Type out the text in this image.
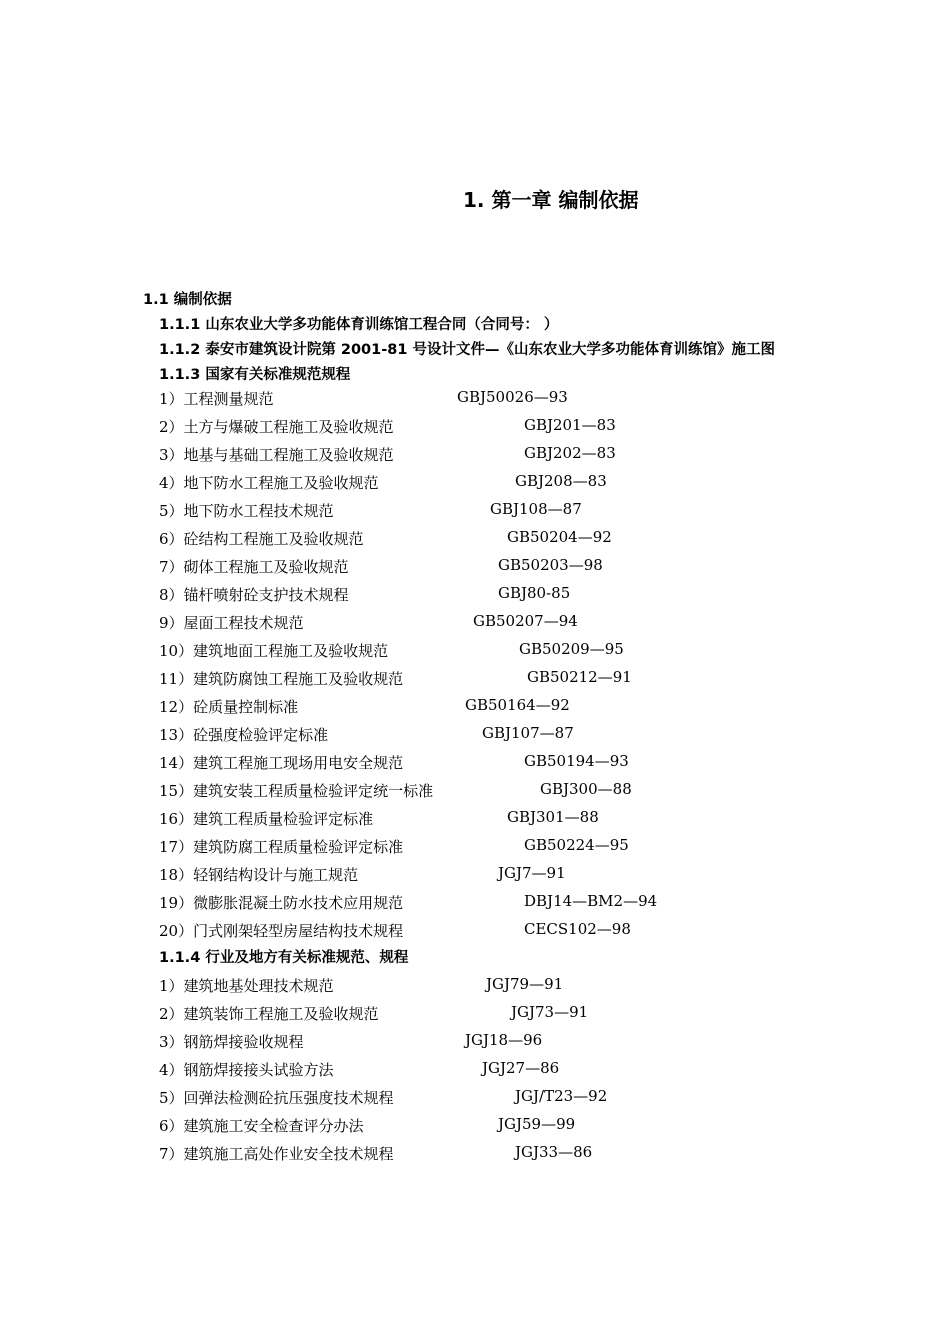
1. 第一章 编制依据
1.1 编制依据
1.1.1 山东农业大学多功能体育训练馆工程合同（合同号： ）
1.1.2 泰安市建筑设计院第 2001-81 号设计文件—《山东农业大学多功能体育训练馆》施工图
1.1.3 国家有关标准规范规程
1）工程测量规范	GBJ50026—93
2）土方与爆破工程施工及验收规范	GBJ201—83
3）地基与基础工程施工及验收规范	GBJ202—83
4）地下防水工程施工及验收规范	GBJ208—83
5）地下防水工程技术规范	GBJ108—87
6）砼结构工程施工及验收规范	GB50204—92
7）砌体工程施工及验收规范	GB50203—98
8）锚杆喷射砼支护技术规程	GBJ80-85
9）屋面工程技术规范	GB50207—94
10）建筑地面工程施工及验收规范	GB50209—95
11）建筑防腐蚀工程施工及验收规范	GB50212—91
12）砼质量控制标准	GB50164—92
13）砼强度检验评定标准	GBJ107—87
14）建筑工程施工现场用电安全规范	GB50194—93
15）建筑安装工程质量检验评定统一标准	GBJ300—88
16）建筑工程质量检验评定标准	GBJ301—88
17）建筑防腐工程质量检验评定标准	GB50224—95
18）轻钢结构设计与施工规范	JGJ7—91
19）微膨胀混凝土防水技术应用规范	DBJ14—BM2—94
20）门式刚架轻型房屋结构技术规程	CECS102—98
1.1.4 行业及地方有关标准规范、规程
1）建筑地基处理技术规范	JGJ79—91
2）建筑装饰工程施工及验收规范	JGJ73—91
3）钢筋焊接验收规程	JGJ18—96
4）钢筋焊接接头试验方法	JGJ27—86
5）回弹法检测砼抗压强度技术规程	JGJ/T23—92
6）建筑施工安全检查评分办法	JGJ59—99
7）建筑施工高处作业安全技术规程	JGJ33—86
